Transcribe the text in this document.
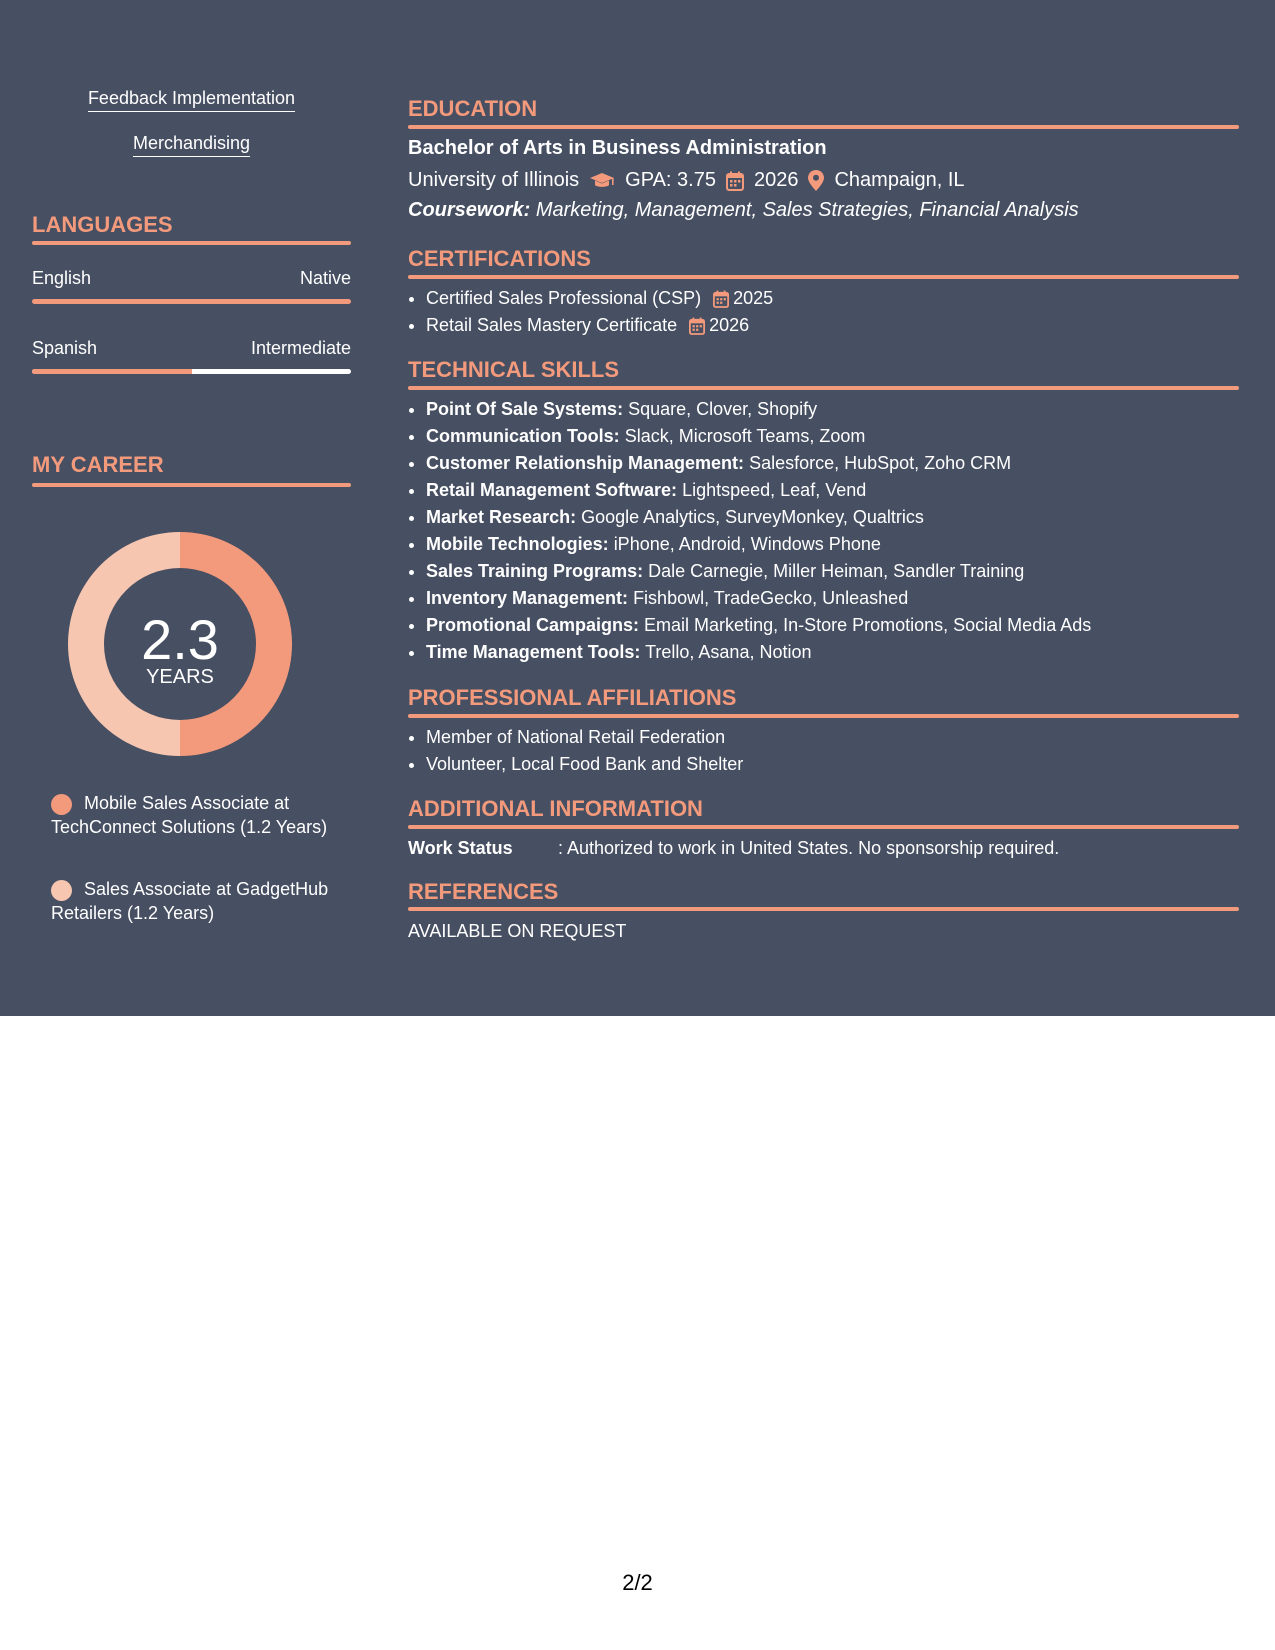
Feedback Implementation
Merchandising
LANGUAGES
English	Native
Spanish	Intermediate
MY CAREER
2.3
YEARS
Mobile Sales Associate at TechConnect Solutions (1.2 Years)
Sales Associate at GadgetHub Retailers (1.2 Years)
EDUCATION
Bachelor of Arts in Business Administration
University of Illinois GPA: 3.75 2026 Champaign, IL
Coursework: Marketing, Management, Sales Strategies, Financial Analysis
CERTIFICATIONS
• Certified Sales Professional (CSP) 2025
• Retail Sales Mastery Certificate 2026
TECHNICAL SKILLS
• Point Of Sale Systems: Square, Clover, Shopify
• Communication Tools: Slack, Microsoft Teams, Zoom
• Customer Relationship Management: Salesforce, HubSpot, Zoho CRM
• Retail Management Software: Lightspeed, Leaf, Vend
• Market Research: Google Analytics, SurveyMonkey, Qualtrics
• Mobile Technologies: iPhone, Android, Windows Phone
• Sales Training Programs: Dale Carnegie, Miller Heiman, Sandler Training
• Inventory Management: Fishbowl, TradeGecko, Unleashed
• Promotional Campaigns: Email Marketing, In-Store Promotions, Social Media Ads
• Time Management Tools: Trello, Asana, Notion
PROFESSIONAL AFFILIATIONS
• Member of National Retail Federation
• Volunteer, Local Food Bank and Shelter
ADDITIONAL INFORMATION
Work Status	: Authorized to work in United States. No sponsorship required.
REFERENCES
AVAILABLE ON REQUEST
2/2
